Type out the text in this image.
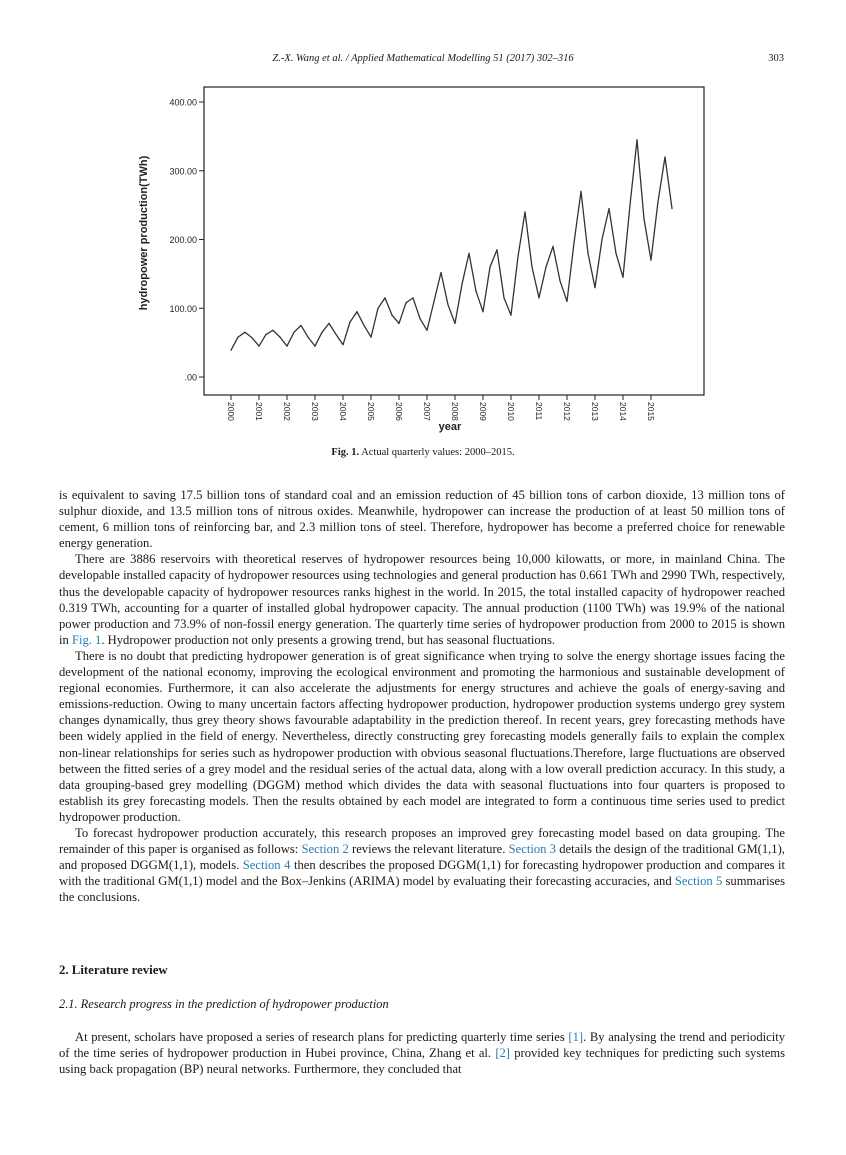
Z.-X. Wang et al. / Applied Mathematical Modelling 51 (2017) 302–316	303
400.00
300.00
200.00
100.00
.00
2000 2001 2002 2003 2004 2005 2006 2007 2008 2009 2010 2011 2012 2013 2014 2015
year
hydropower production(TWh)
Fig. 1. Actual quarterly values: 2000–2015.

is equivalent to saving 17.5 billion tons of standard coal and an emission reduction of 45 billion tons of carbon dioxide, 13 million tons of sulphur dioxide, and 13.5 million tons of nitrous oxides. Meanwhile, hydropower can increase the production of at least 50 million tons of cement, 6 million tons of reinforcing bar, and 2.3 million tons of steel. Therefore, hydropower has become a preferred choice for renewable energy generation.

There are 3886 reservoirs with theoretical reserves of hydropower resources being 10,000 kilowatts, or more, in mainland China. The developable installed capacity of hydropower resources using technologies and general production has 0.661 TWh and 2990 TWh, respectively, thus the developable capacity of hydropower resources ranks highest in the world. In 2015, the total installed capacity of hydropower reached 0.319 TWh, accounting for a quarter of installed global hydropower capacity. The annual production (1100 TWh) was 19.9% of the national power production and 73.9% of non-fossil energy generation. The quarterly time series of hydropower production from 2000 to 2015 is shown in Fig. 1. Hydropower production not only presents a growing trend, but has seasonal fluctuations.

There is no doubt that predicting hydropower generation is of great significance when trying to solve the energy shortage issues facing the development of the national economy, improving the ecological environment and promoting the harmonious and sustainable development of regional economies. Furthermore, it can also accelerate the adjustments for energy structures and achieve the goals of energy-saving and emissions-reduction. Owing to many uncertain factors affecting hydropower production, hydropower production systems undergo grey system changes dynamically, thus grey theory shows favourable adaptability in the prediction thereof. In recent years, grey forecasting methods have been widely applied in the field of energy. Nevertheless, directly constructing grey forecasting models generally fails to explain the complex non-linear relationships for series such as hydropower production with obvious seasonal fluctuations.Therefore, large fluctuations are observed between the fitted series of a grey model and the residual series of the actual data, along with a low overall prediction accuracy. In this study, a data grouping-based grey modelling (DGGM) method which divides the data with seasonal fluctuations into four quarters is proposed to establish its grey forecasting models. Then the results obtained by each model are integrated to form a continuous time series used to predict hydropower production.

To forecast hydropower production accurately, this research proposes an improved grey forecasting model based on data grouping. The remainder of this paper is organised as follows: Section 2 reviews the relevant literature. Section 3 details the design of the traditional GM(1,1), and proposed DGGM(1,1), models. Section 4 then describes the proposed DGGM(1,1) for forecasting hydropower production and compares it with the traditional GM(1,1) model and the Box–Jenkins (ARIMA) model by evaluating their forecasting accuracies, and Section 5 summarises the conclusions.

2. Literature review
2.1. Research progress in the prediction of hydropower production

At present, scholars have proposed a series of research plans for predicting quarterly time series [1]. By analysing the trend and periodicity of the time series of hydropower production in Hubei province, China, Zhang et al. [2] provided key techniques for predicting such systems using back propagation (BP) neural networks. Furthermore, they concluded that
